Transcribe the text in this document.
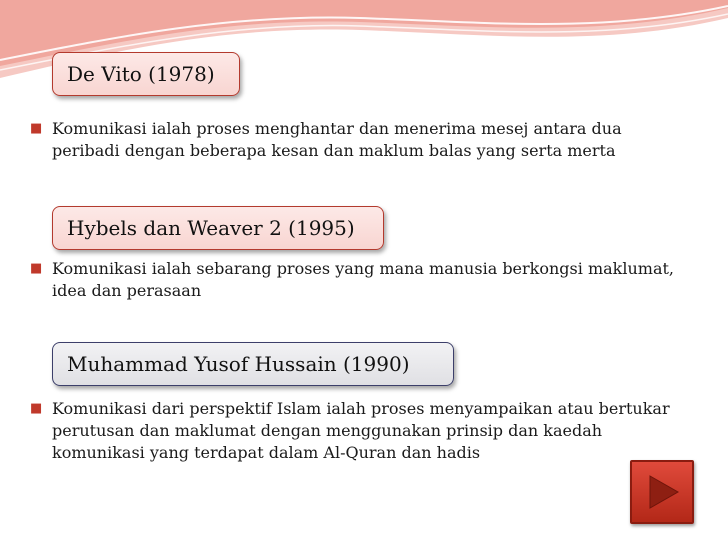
De Vito (1978)
■ Komunikasi ialah proses menghantar dan menerima mesej antara dua peribadi dengan beberapa kesan dan maklum balas yang serta merta
Hybels dan Weaver 2 (1995)
■ Komunikasi ialah sebarang proses yang mana manusia berkongsi maklumat, idea dan perasaan
Muhammad Yusof Hussain (1990)
■ Komunikasi dari perspektif Islam ialah proses menyampaikan atau bertukar perutusan dan maklumat dengan menggunakan prinsip dan kaedah komunikasi yang terdapat dalam Al-Quran dan hadis
